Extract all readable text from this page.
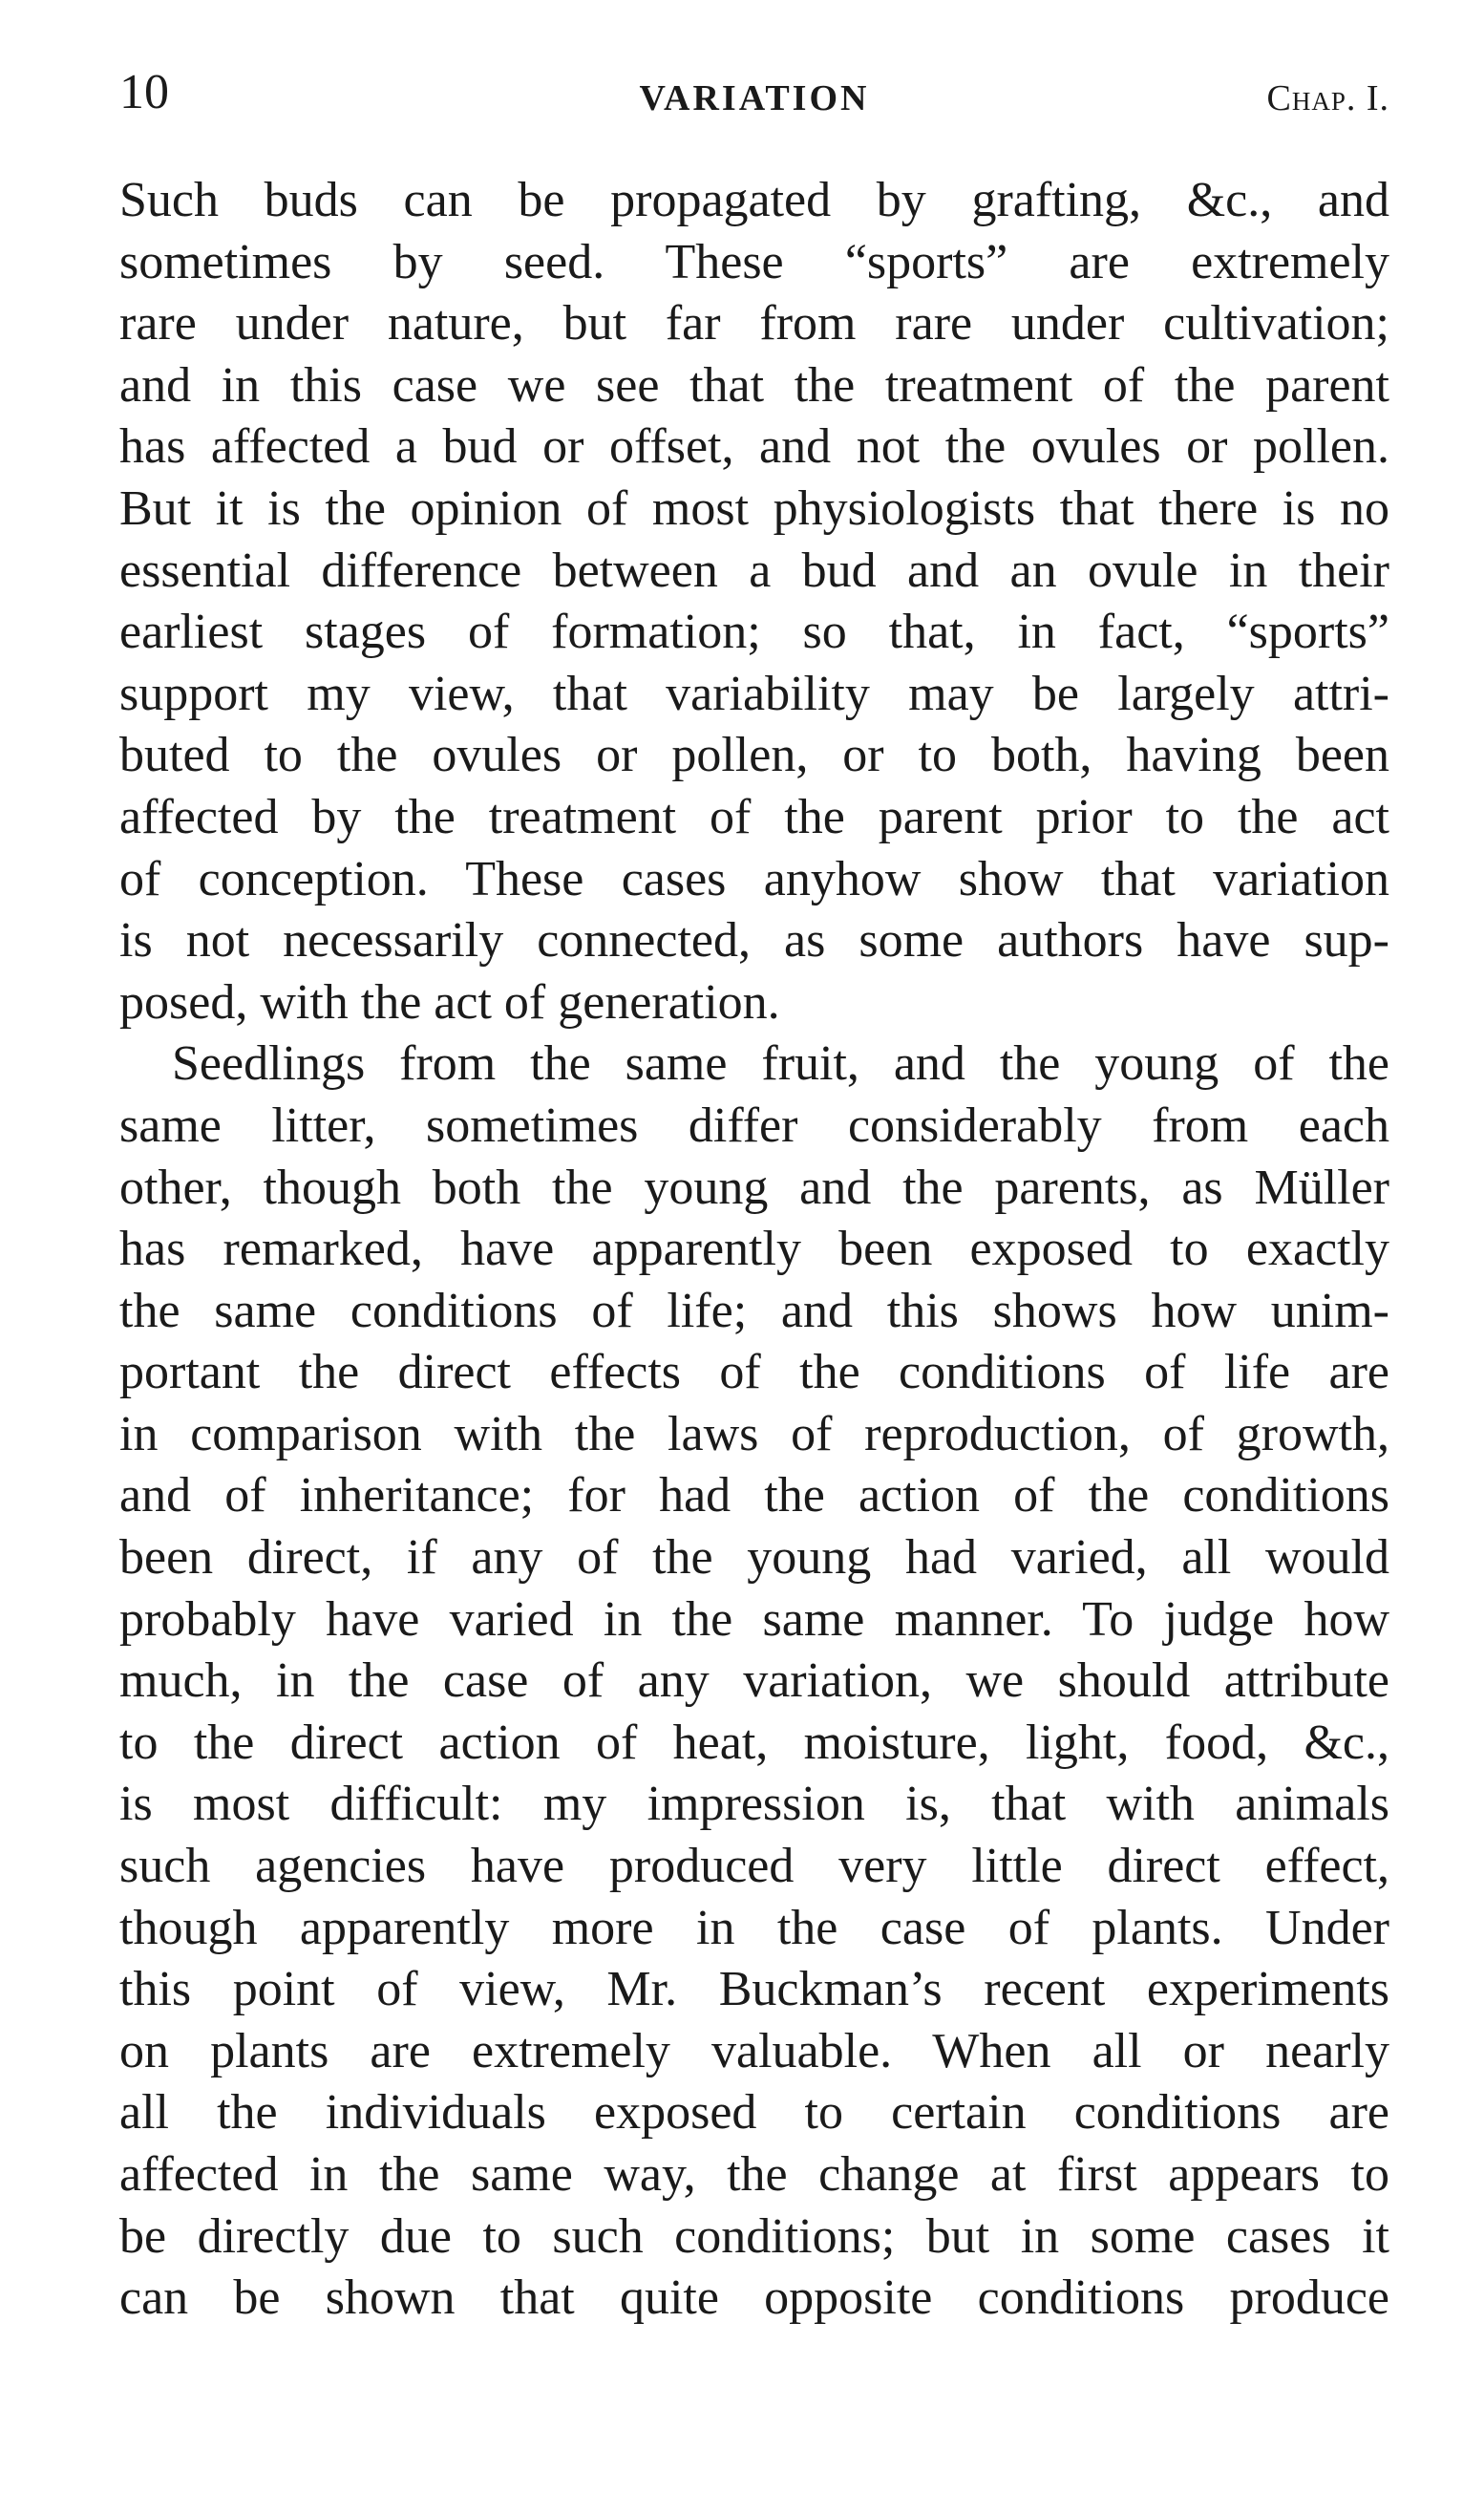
10	VARIATION	Chap. I.
Such buds can be propagated by grafting, &c., and
sometimes by seed. These “sports” are extremely
rare under nature, but far from rare under cultivation;
and in this case we see that the treatment of the parent
has affected a bud or offset, and not the ovules or pollen.
But it is the opinion of most physiologists that there is no
essential difference between a bud and an ovule in their
earliest stages of formation; so that, in fact, “sports”
support my view, that variability may be largely attri-
buted to the ovules or pollen, or to both, having been
affected by the treatment of the parent prior to the act
of conception. These cases anyhow show that variation
is not necessarily connected, as some authors have sup-
posed, with the act of generation.
Seedlings from the same fruit, and the young of the
same litter, sometimes differ considerably from each
other, though both the young and the parents, as Müller
has remarked, have apparently been exposed to exactly
the same conditions of life; and this shows how unim-
portant the direct effects of the conditions of life are
in comparison with the laws of reproduction, of growth,
and of inheritance; for had the action of the conditions
been direct, if any of the young had varied, all would
probably have varied in the same manner. To judge how
much, in the case of any variation, we should attribute
to the direct action of heat, moisture, light, food, &c.,
is most difficult: my impression is, that with animals
such agencies have produced very little direct effect,
though apparently more in the case of plants. Under
this point of view, Mr. Buckman’s recent experiments
on plants are extremely valuable. When all or nearly
all the individuals exposed to certain conditions are
affected in the same way, the change at first appears to
be directly due to such conditions; but in some cases it
can be shown that quite opposite conditions produce
